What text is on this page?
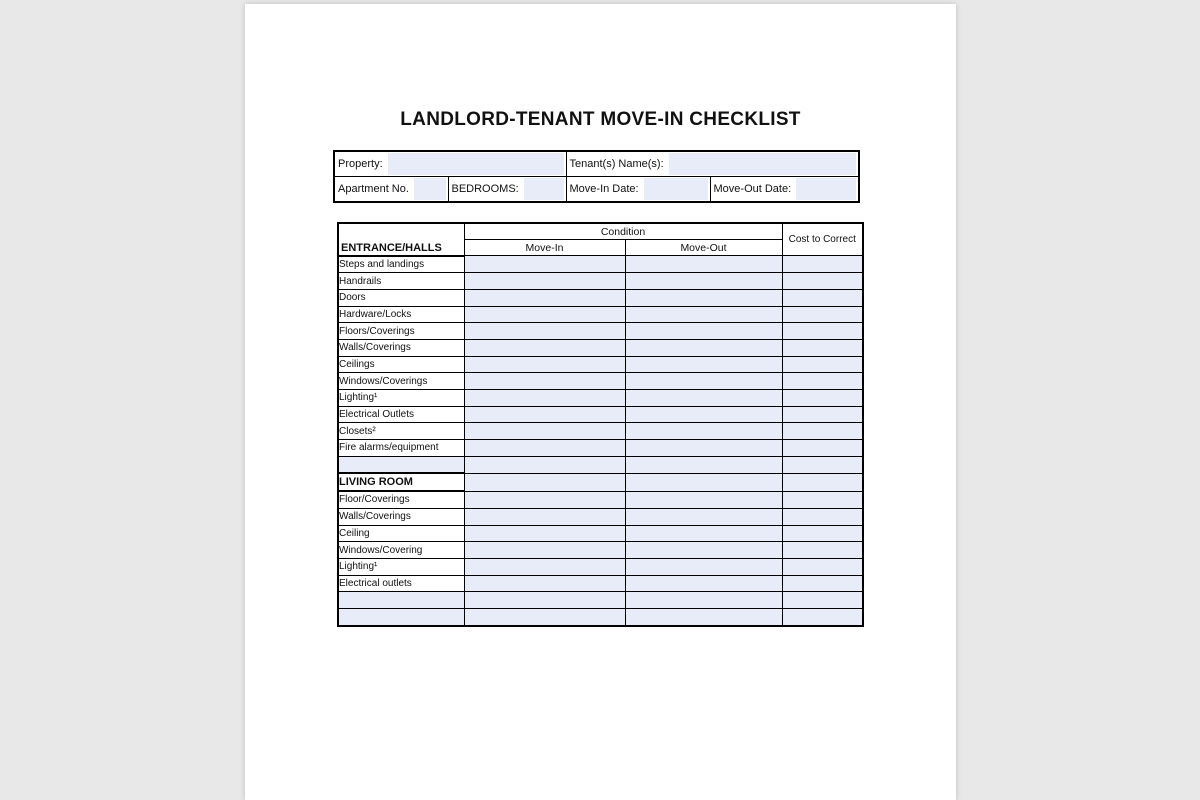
LANDLORD-TENANT MOVE-IN CHECKLIST
Property:		Tenant(s) Name(s):	

Apartment No.	BEDROOMS:	Move-In Date:	Move-Out Date:
ENTRANCE/HALLS	Condition		Cost to Correct
	Move-In	Move-Out	
Steps and landings			
Handrails			
Doors			
Hardware/Locks			
Floors/Coverings			
Walls/Coverings			
Ceilings			
Windows/Coverings			
Lighting¹			
Electrical Outlets			
Closets²			
Fire alarms/equipment			

LIVING ROOM			
Floor/Coverings			
Walls/Coverings			
Ceiling			
Windows/Covering			
Lighting¹			
Electrical outlets			
